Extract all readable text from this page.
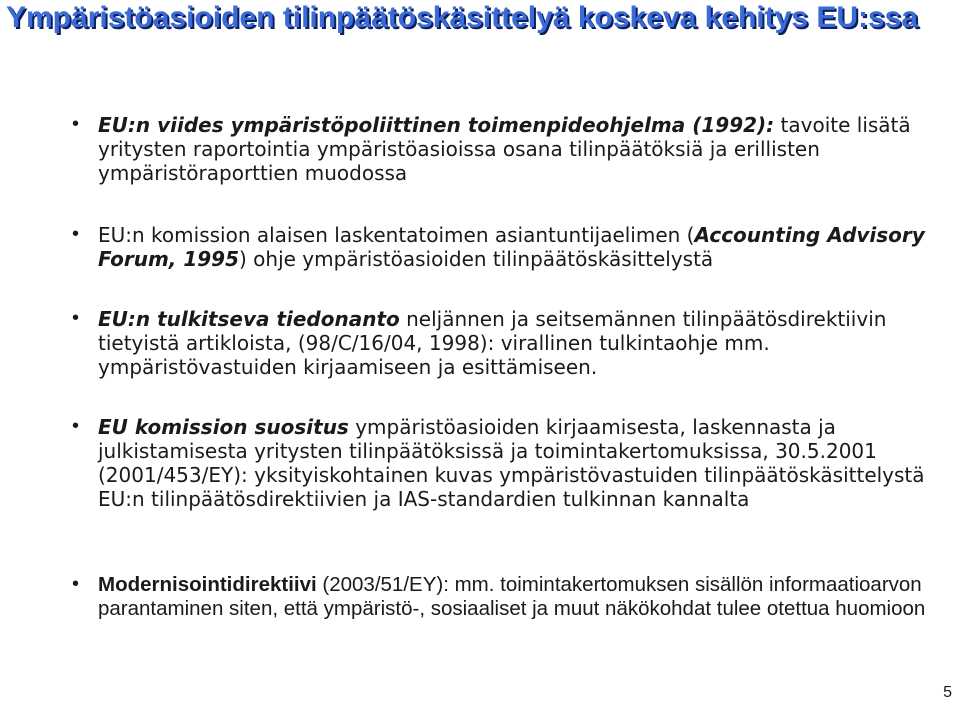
Ympäristöasioiden tilinpäätöskäsittelyä koskeva kehitys EU:ssa
• EU:n viides ympäristöpoliittinen toimenpideohjelma (1992): tavoite lisätä yritysten raportointia ympäristöasioissa osana tilinpäätöksiä ja erillisten ympäristöraporttien muodossa

• EU:n komission alaisen laskentatoimen asiantuntijaelimen (Accounting Advisory Forum, 1995) ohje ympäristöasioiden tilinpäätöskäsittelystä

• EU:n tulkitseva tiedonanto neljännen ja seitsemännen tilinpäätösdirektiivin tietyistä artikloista, (98/C/16/04, 1998): virallinen tulkintaohje mm. ympäristövastuiden kirjaamiseen ja esittämiseen.

• EU komission suositus ympäristöasioiden kirjaamisesta, laskennasta ja julkistamisesta yritysten tilinpäätöksissä ja toimintakertomuksissa, 30.5.2001 (2001/453/EY): yksityiskohtainen kuvas ympäristövastuiden tilinpäätöskäsittelystä EU:n tilinpäätösdirektiivien ja IAS-standardien tulkinnan kannalta

• Modernisointidirektiivi (2003/51/EY): mm. toimintakertomuksen sisällön informaatioarvon parantaminen siten, että ympäristö-, sosiaaliset ja muut näkökohdat tulee otettua huomioon

5
